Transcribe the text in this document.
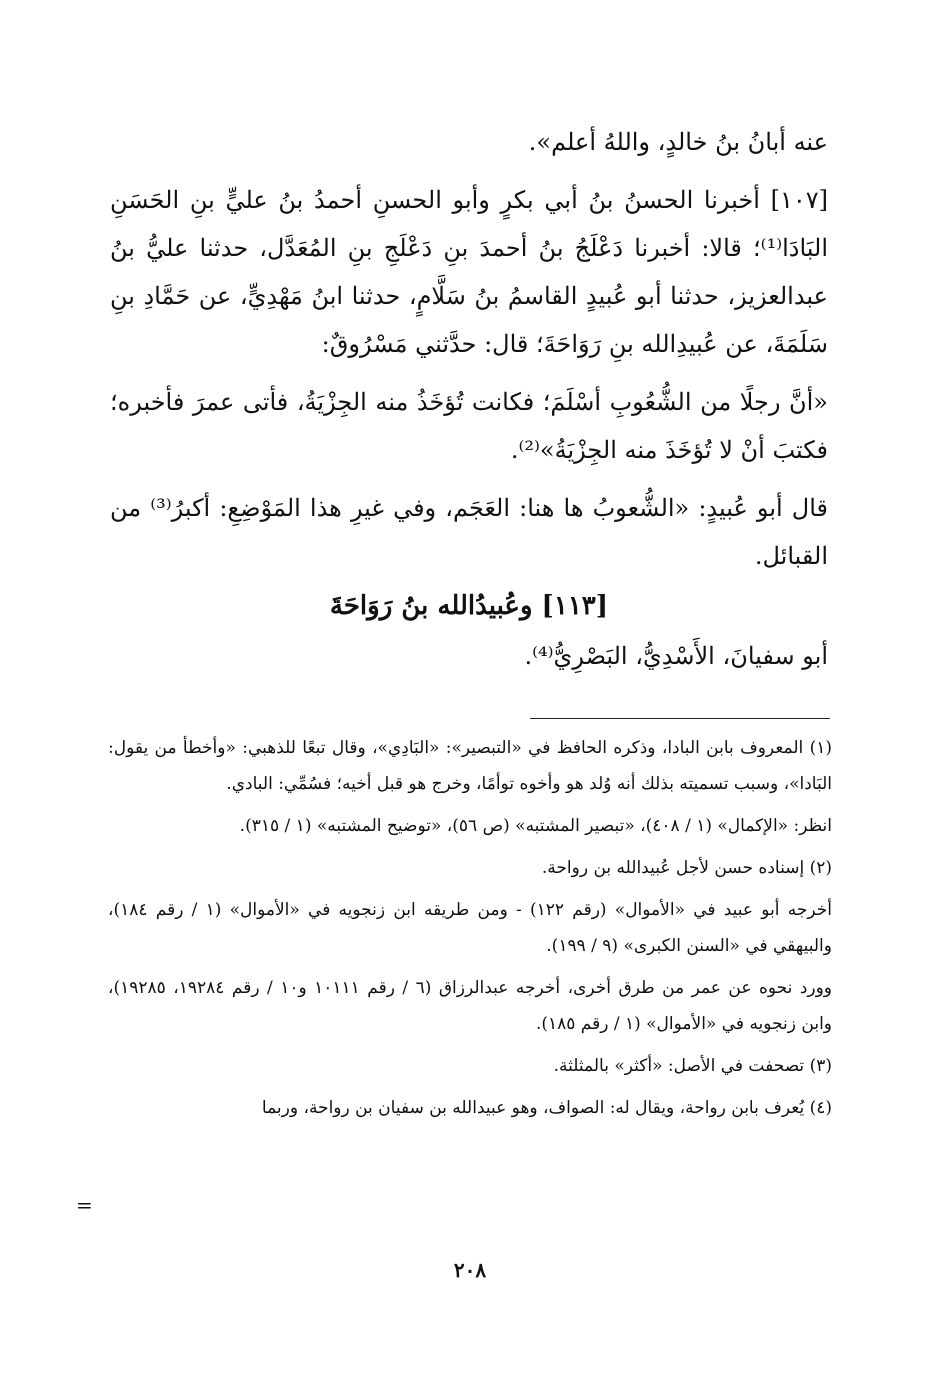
عنه أبانُ بنُ خالدٍ، واللهُ أعلم».

[١٠٧] أخبرنا الحسنُ بنُ أبي بكرٍ وأبو الحسنِ أحمدُ بنُ عليٍّ بنِ الحَسَنِ البَادَا⁽¹⁾؛ قالا: أخبرنا دَعْلَجُ بنُ أحمدَ بنِ دَعْلَجِ بنِ المُعَدَّل، حدثنا عليُّ بنُ عبدالعزيز، حدثنا أبو عُبيدٍ القاسمُ بنُ سَلَّامٍ، حدثنا ابنُ مَهْدِيٍّ، عن حَمَّادِ بنِ سَلَمَةَ، عن عُبيدِالله بنِ رَوَاحَةَ؛ قال: حدَّثني مَسْرُوقٌ:

«أنَّ رجلًا من الشُّعُوبِ أسْلَمَ؛ فكانت تُؤخَذُ منه الجِزْيَةُ، فأتى عمرَ فأخبره؛ فكتبَ أنْ لا تُؤخَذَ منه الجِزْيَةُ»⁽²⁾.

قال أبو عُبيدٍ: «الشُّعوبُ ها هنا: العَجَم، وفي غيرِ هذا المَوْضِعِ: أكبرُ⁽³⁾ من القبائل.

[١١٣] وعُبيدُالله بنُ رَوَاحَةَ

أبو سفيانَ، الأَسْدِيُّ، البَصْرِيُّ⁽⁴⁾.

(١) المعروف بابن البادا، وذكره الحافظ في «التبصير»: «البَادِي»، وقال تبعًا للذهبي: «وأخطأ من يقول: البَادا»، وسبب تسميته بذلك أنه وُلد هو وأخوه توأمًا، وخرج هو قبل أخيه؛ فسُمِّي: البادي.

انظر: «الإكمال» (١ / ٤٠٨)، «تبصير المشتبه» (ص ٥٦)، «توضيح المشتبه» (١ / ٣١٥).

(٢) إسناده حسن لأجل عُبيدالله بن رواحة.

أخرجه أبو عبيد في «الأموال» (رقم ١٢٢) - ومن طريقه ابن زنجويه في «الأموال» (١ / رقم ١٨٤)، والبيهقي في «السنن الكبرى» (٩ / ١٩٩).

وورد نحوه عن عمر من طرق أخرى، أخرجه عبدالرزاق (٦ / رقم ١٠١١١ و١٠ / رقم ١٩٢٨٤، ١٩٢٨٥)، وابن زنجويه في «الأموال» (١ / رقم ١٨٥).

(٣) تصحفت في الأصل: «أكثر» بالمثلثة.

(٤) يُعرف بابن رواحة، ويقال له: الصواف، وهو عبيدالله بن سفيان بن رواحة، وربما

=
٢٠٨
